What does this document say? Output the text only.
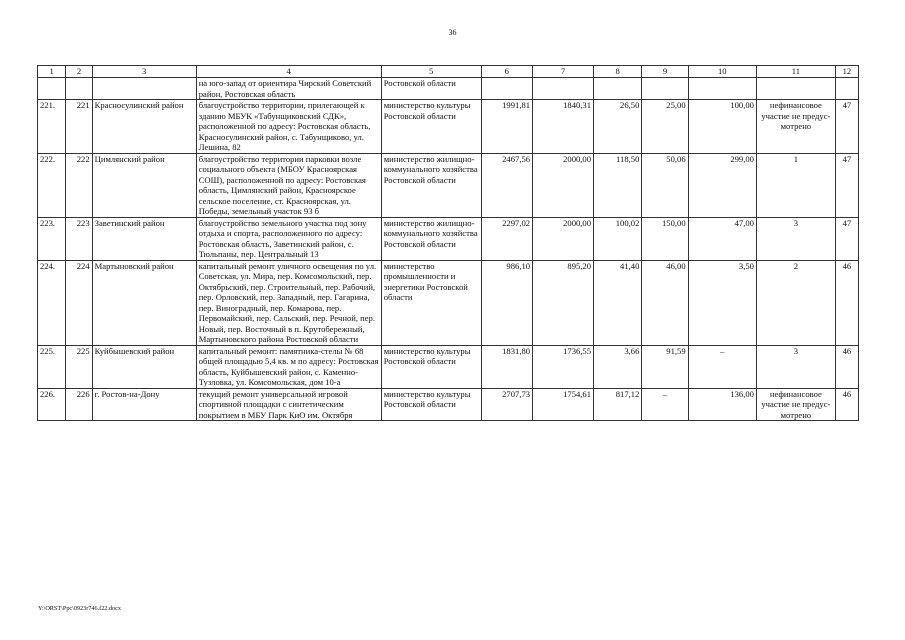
36
1	2	3	4	5	6	7	8	9	10	11	12
			на юго-запад от ориентира Чирский Советский район, Ростовская область	Ростовской области							
221.	221	Красносулинский район	благоустройство территории, прилегающей к зданию МБУК «Табунщиковский СДК», расположенной по адресу: Ростовская область, Красносулинский район, с. Табунщиково, ул. Лешина, 82	министерство культуры Ростовской области	1991,81	1840,31	26,50	25,00	100,00	нефинансовое участие не предус-мотрено	47
222.	222	Цимлянский район	благоустройство территории парковки возле социального объекта (МБОУ Красноярская СОШ), расположенной по адресу: Ростовская область, Цимлянский район, Красноярское сельское поселение, ст. Красноярская, ул. Победы, земельный участок 93 б	министерство жилищно-коммунального хозяйства Ростовской области	2467,56	2000,00	118,50	50,06	299,00	1	47
223.	223	Заветинский район	благоустройство земельного участка под зону отдыха и спорта, расположенного по адресу: Ростовская область, Заветинский район, с. Тюльпаны, пер. Центральный 13	министерство жилищно-коммунального хозяйства Ростовской области	2297,02	2000,00	100,02	150,00	47,00	3	47
224.	224	Мартыновский район	капитальный ремонт уличного освещения по ул. Советская, ул. Мира, пер. Комсомольский, пер. Октябрьский, пер. Строительный, пер. Рабочий, пер. Орловский, пер. Западный, пер. Гагарина, пер. Виноградный, пер. Комарова, пер. Первомайский, пер. Сальский, пер. Речной, пер. Новый, пер. Восточный в п. Крутобережный, Мартыновского района Ростовской области	министерство промышленности и энергетики Ростовской области	986,10	895,20	41,40	46,00	3,50	2	46
225.	225	Куйбышевский район	капитальный ремонт: памятника-стелы № 68 общей площадью 5,4 кв. м по адресу: Ростовская область, Куйбышевский район, с. Каменно-Тузловка, ул. Комсомольская, дом 10-а	министерство культуры Ростовской области	1831,80	1736,55	3,66	91,59	–	3	46
226.	226	г. Ростов-на-Дону	текущий ремонт универсальной игровой спортивной площадки с синтетическим покрытием в МБУ Парк КиО им. Октября	министерство культуры Ростовской области	2707,73	1754,61	817,12	–	136,00	нефинансовое участие не предус-мотрено	46
Y:\ORST\Ppc\0923r746.f22.docx
